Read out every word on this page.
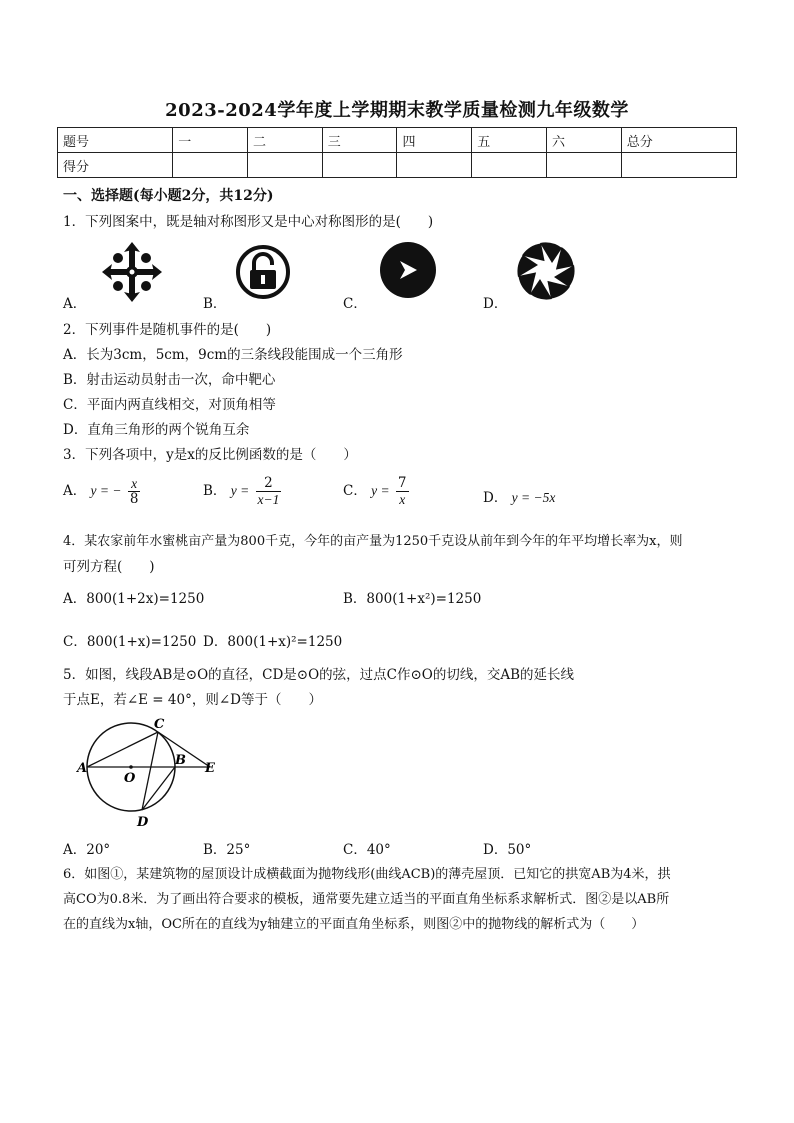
2023-2024学年度上学期期末教学质量检测九年级数学
题号	一	二	三	四	五	六	总分
得分							
一、选择题(每小题2分，共12分)
1．下列图案中，既是轴对称图形又是中心对称图形的是(　　)
A．	B．	C．	D．
2．下列事件是随机事件的是(　　)
A．长为3cm，5cm，9cm的三条线段能围成一个三角形
B．射击运动员射击一次，命中靶心
C．平面内两直线相交，对顶角相等
D．直角三角形的两个锐角互余
3．下列各项中，y是x的反比例函数的是（　　）
A． y = − $\frac{x}{8}$	B． $y = \frac{2}{x-1}$	C． $y = \frac{7}{x}$	D． y = −5x
4．某农家前年水蜜桃亩产量为800千克，今年的亩产量为1250千克设从前年到今年的年平均增长率为x，则
可列方程(　　)
A．800(1+2x)=1250	B．800(1+x²)=1250
C．800(1+x)=1250 D．800(1+x)²=1250
5．如图，线段AB是⊙O的直径，CD是⊙O的弦，过点C作⊙O的切线，交AB的延长线
于点E，若∠E = 40°，则∠D等于（　　）
A
O
B
E
C
D
A．20°	B．25°	C．40°	D．50°
6．如图①，某建筑物的屋顶设计成横截面为抛物线形(曲线ACB)的薄壳屋顶．已知它的拱宽AB为4米，拱
高CO为0.8米．为了画出符合要求的模板，通常要先建立适当的平面直角坐标系求解析式．图②是以AB所
在的直线为x轴，OC所在的直线为y轴建立的平面直角坐标系，则图②中的抛物线的解析式为（　　）
